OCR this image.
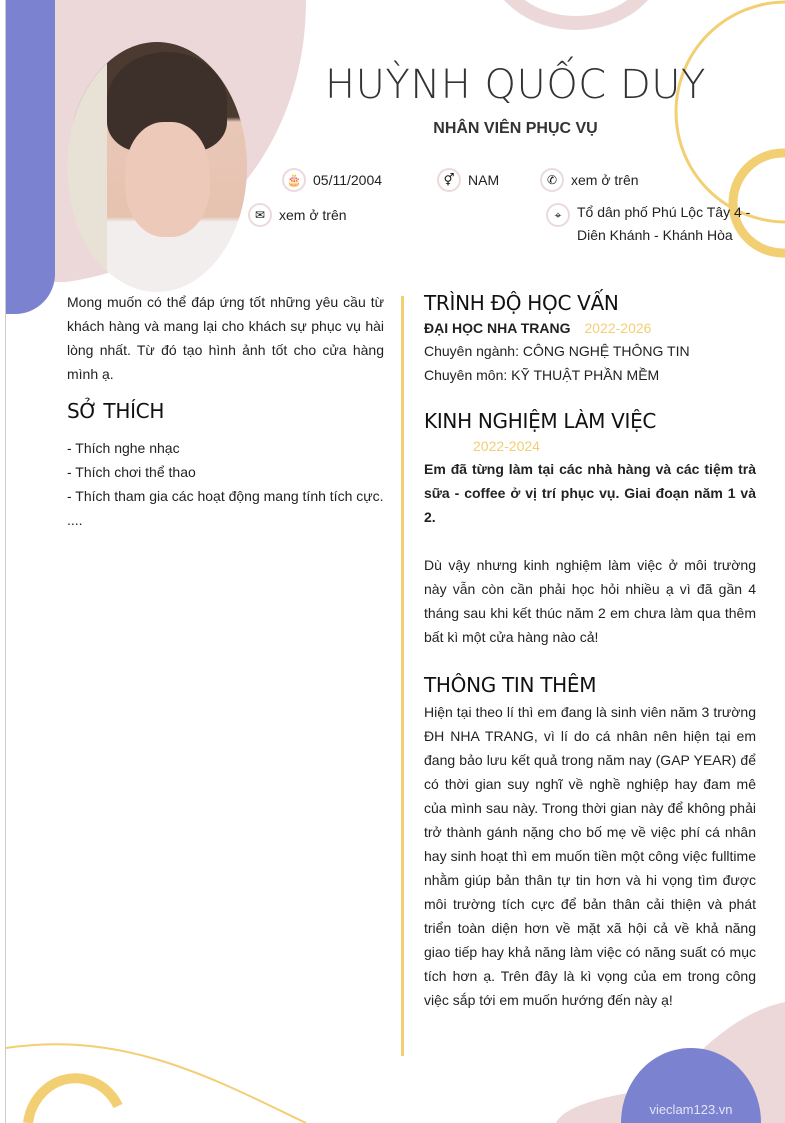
vieclam123.vn
HUỲNH QUỐC DUY
NHÂN VIÊN PHỤC VỤ
🎂 05/11/2004	⚥ NAM	✆ xem ở trên
✉ xem ở trên	⌖	Tổ dân phố Phú Lộc Tây 4 -
Diên Khánh - Khánh Hòa
Mong muốn có thể đáp ứng tốt những yêu cầu từ khách hàng và mang lại cho khách sự phục vụ hài lòng nhất. Từ đó tạo hình ảnh tốt cho cửa hàng mình ạ.
SỞ THÍCH
- Thích nghe nhạc
- Thích chơi thể thao
- Thích tham gia các hoạt động mang tính tích cực.
....
TRÌNH ĐỘ HỌC VẤN
ĐẠI HỌC NHA TRANG 2022-2026
Chuyên ngành: CÔNG NGHỆ THÔNG TIN
Chuyên môn: KỸ THUẬT PHẦN MỀM
KINH NGHIỆM LÀM VIỆC
2022-2024
Em đã từng làm tại các nhà hàng và các tiệm trà sữa - coffee ở vị trí phục vụ. Giai đoạn năm 1 và 2.
Dù vậy nhưng kinh nghiệm làm việc ở môi trường này vẫn còn cần phải học hỏi nhiều ạ vì đã gần 4 tháng sau khi kết thúc năm 2 em chưa làm qua thêm bất kì một cửa hàng nào cả!
THÔNG TIN THÊM
Hiện tại theo lí thì em đang là sinh viên năm 3 trường ĐH NHA TRANG, vì lí do cá nhân nên hiện tại em đang bảo lưu kết quả trong năm nay (GAP YEAR) để có thời gian suy nghĩ về nghề nghiệp hay đam mê của mình sau này. Trong thời gian này để không phải trở thành gánh nặng cho bố mẹ về việc phí cá nhân hay sinh hoạt thì em muốn tiền một công việc fulltime nhằm giúp bản thân tự tin hơn và hi vọng tìm được môi trường tích cực để bản thân cải thiện và phát triển toàn diện hơn về mặt xã hội cả về khả năng giao tiếp hay khả năng làm việc có năng suất có mục tích hơn ạ. Trên đây là kì vọng của em trong công việc sắp tới em muốn hướng đến này ạ!
